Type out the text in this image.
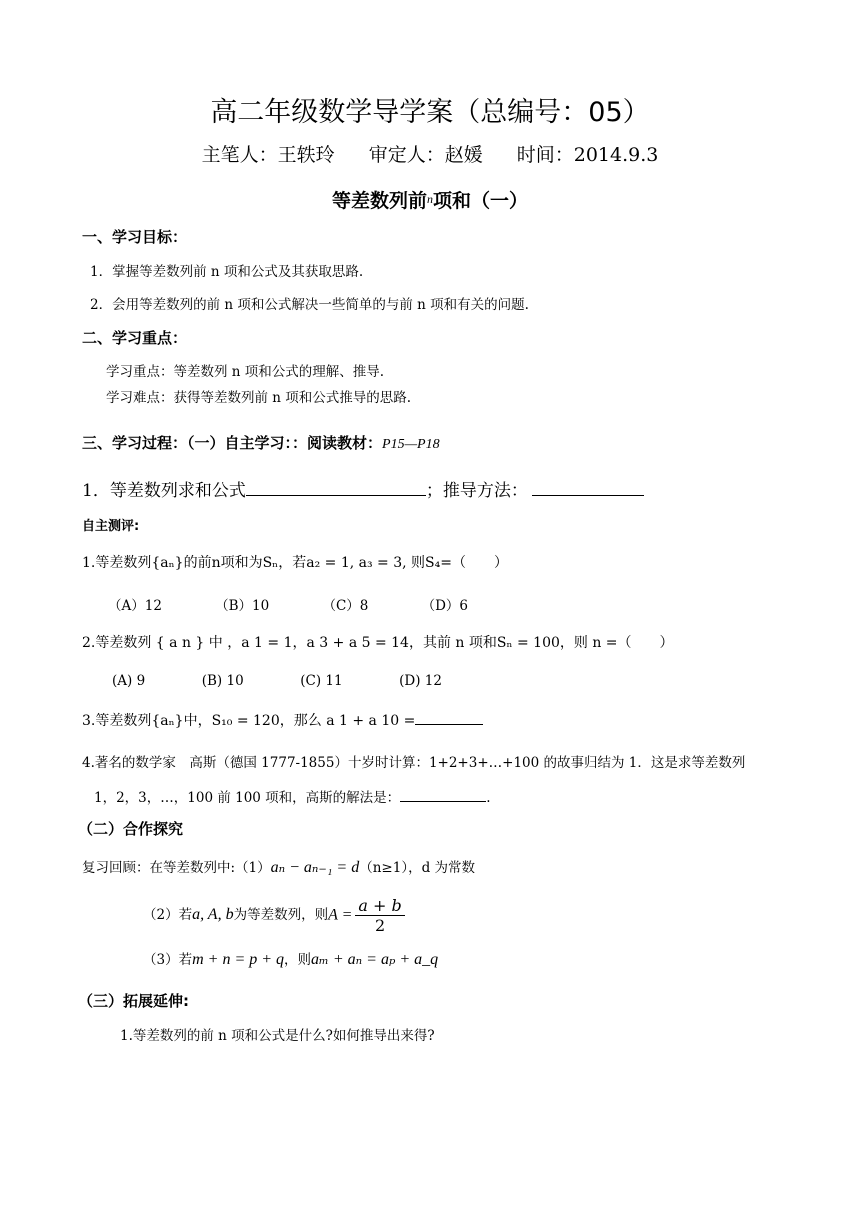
高二年级数学导学案（总编号：05）
主笔人：王轶玲 审定人：赵媛 时间：2014.9.3
等差数列前$^n$项和（一）
一、学习目标：
1．掌握等差数列前 n 项和公式及其获取思路.
2．会用等差数列的前 n 项和公式解决一些简单的与前 n 项和有关的问题.
二、学习重点：
学习重点：等差数列 n 项和公式的理解、推导.
学习难点：获得等差数列前 n 项和公式推导的思路.
三、学习过程：（一）自主学习：：阅读教材：P15—P18
1．等差数列求和公式	；推导方法：
自主测评:
1.等差数列{aₙ}的前n项和为Sₙ，若a₂ = 1, a₃ = 3, 则S₄=（　　）
（A）12	（B）10	（C）8	（D）6
2.等差数列 { a n } 中 ，a 1 = 1，a 3 + a 5 = 14，其前 n 项和Sₙ = 100，则 n =（　　）
(A) 9	(B) 10	(C) 11	(D) 12
3.等差数列{aₙ}中，S₁₀ = 120，那么 a 1 + a 10 =
4.著名的数学家　高斯（德国 1777-1855）十岁时计算：1+2+3+…+100 的故事归结为 1．这是求等差数列
1，2，3，…，100 前 100 项和，高斯的解法是：	.
（二）合作探究
复习回顾：在等差数列中:（1）aₙ − aₙ₋₁ = d（n≥1），d 为常数
（2）若a, A, b为等差数列，则$A = \frac{a + b}{2}$
（3）若m + n = p + q，则aₘ + aₙ = aₚ + a_q
（三）拓展延伸:
1.等差数列的前 n 项和公式是什么?如何推导出来得?
